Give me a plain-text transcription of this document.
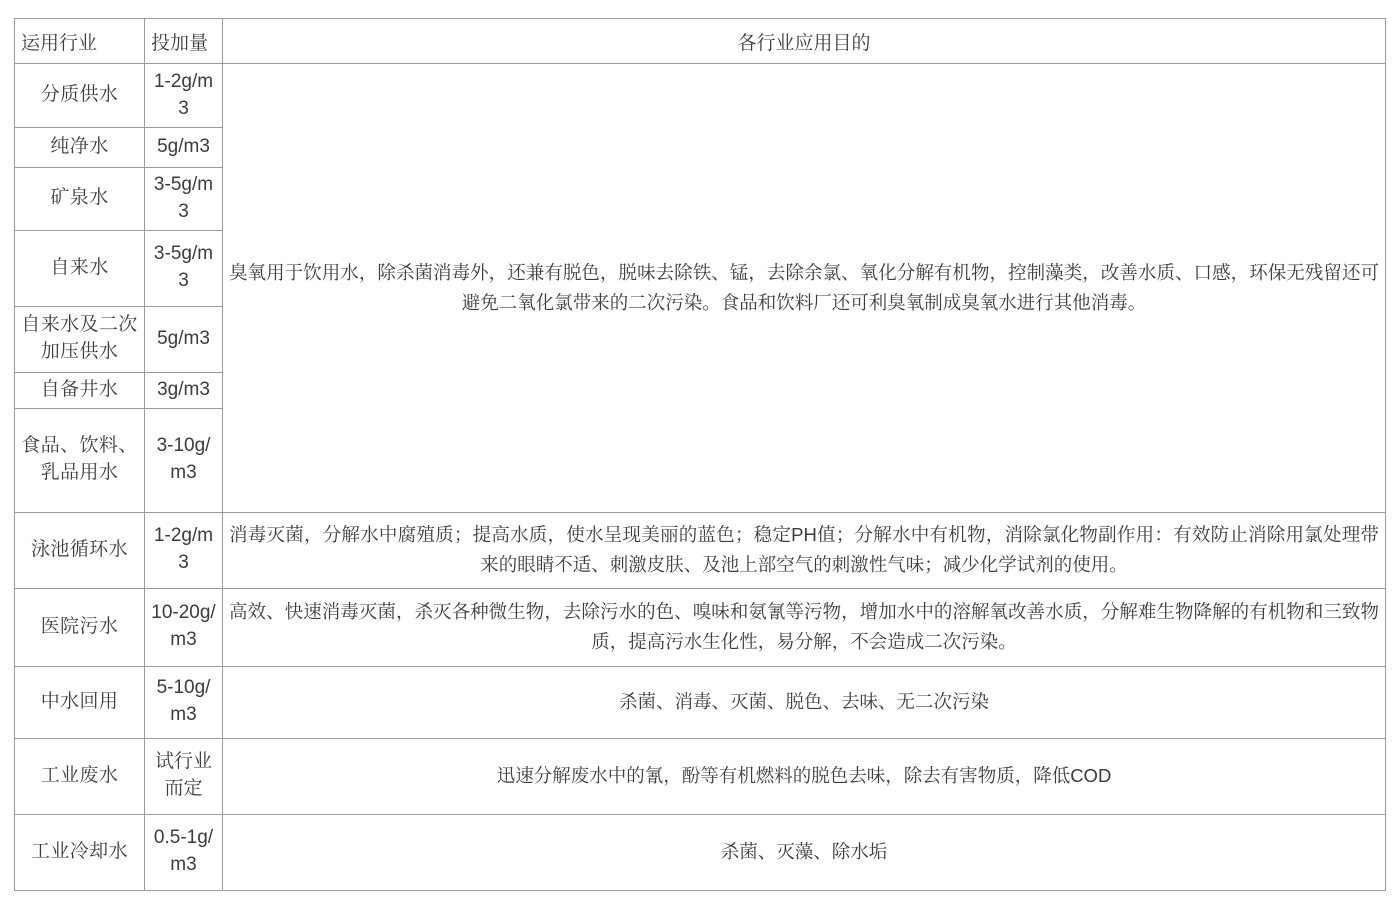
运用行业	投加量	各行业应用目的
分质供水	1-2g/m3	臭氧用于饮用水，除杀菌消毒外，还兼有脱色，脱味去除铁、锰，去除余氯、氧化分解有机物，控制藻类，改善水质、口感，环保无残留还可避免二氧化氯带来的二次污染。食品和饮料厂还可利臭氧制成臭氧水进行其他消毒。
纯净水	5g/m3	
矿泉水	3-5g/m3	
自来水	3-5g/m3	
自来水及二次加压供水	5g/m3	
自备井水	3g/m3	
食品、饮料、乳品用水	3-10g/m3	
泳池循环水	1-2g/m3	消毒灭菌，分解水中腐殖质；提高水质，使水呈现美丽的蓝色；稳定PH值；分解水中有机物，消除氯化物副作用：有效防止消除用氯处理带来的眼睛不适、刺激皮肤、及池上部空气的刺激性气味；减少化学试剂的使用。
医院污水	10-20g/m3	高效、快速消毒灭菌，杀灭各种微生物，去除污水的色、嗅味和氨氰等污物，增加水中的溶解氧改善水质，分解难生物降解的有机物和三致物质，提高污水生化性，易分解，不会造成二次污染。
中水回用	5-10g/m3	杀菌、消毒、灭菌、脱色、去味、无二次污染
工业废水	试行业而定	迅速分解废水中的氰，酚等有机燃料的脱色去味，除去有害物质，降低COD
工业冷却水	0.5-1g/m3	杀菌、灭藻、除水垢
